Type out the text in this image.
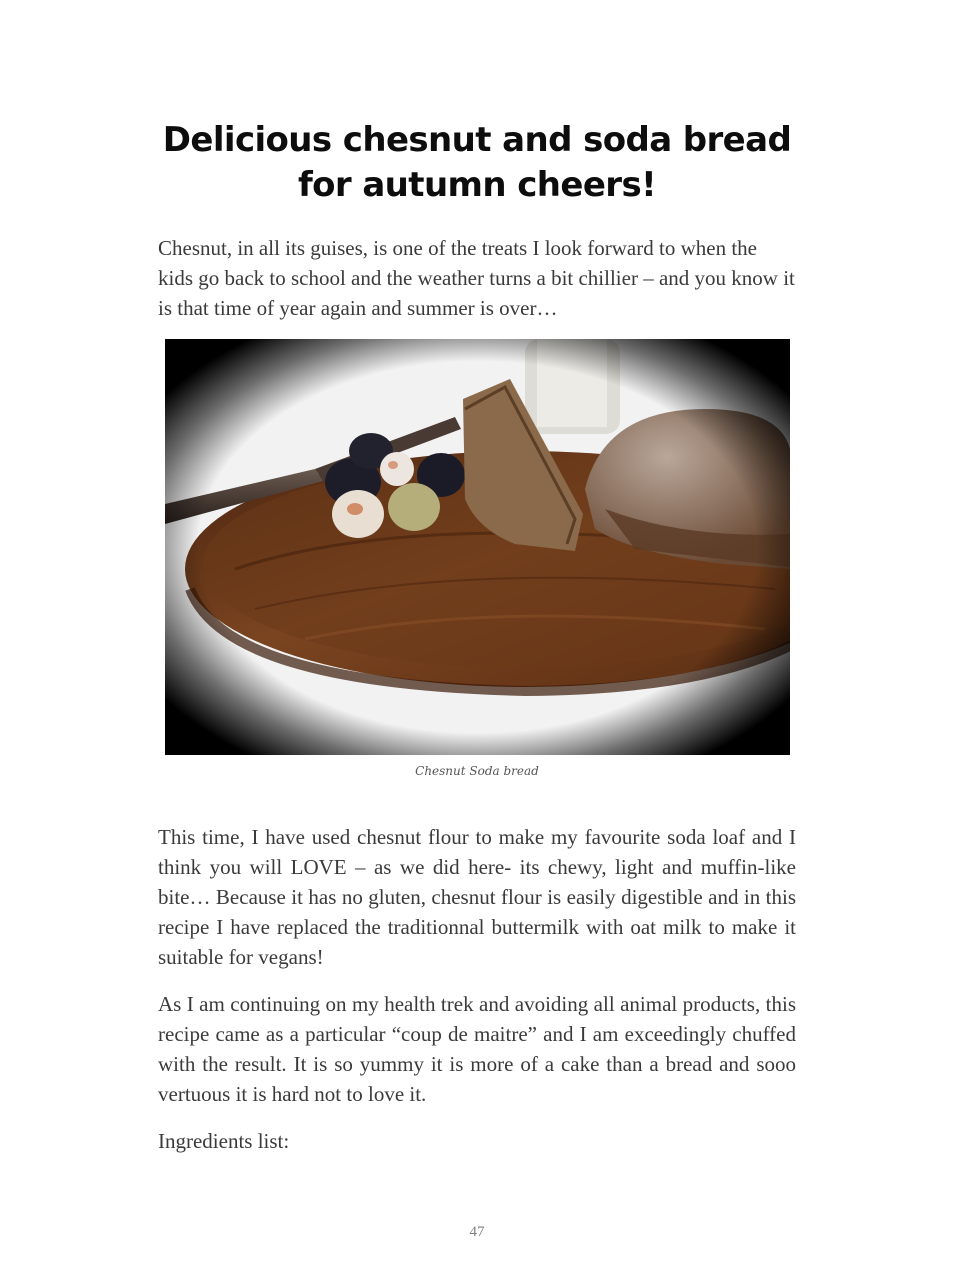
Delicious chesnut and soda bread for autumn cheers!

Chesnut, in all its guises, is one of the treats I look forward to when the kids go back to school and the weather turns a bit chillier – and you know it is that time of year again and summer is over…

Chesnut Soda bread

This time, I have used chesnut flour to make my favourite soda loaf and I think you will LOVE – as we did here- its chewy, light and muffin-like bite… Because it has no gluten, chesnut flour is easily digestible and in this recipe I have replaced the traditionnal buttermilk with oat milk to make it suitable for vegans!

As I am continuing on my health trek and avoiding all animal products, this recipe came as a particular “coup de maitre” and I am exceedingly chuffed with the result. It is so yummy it is more of a cake than a bread and sooo vertuous it is hard not to love it.

Ingredients list:

47
